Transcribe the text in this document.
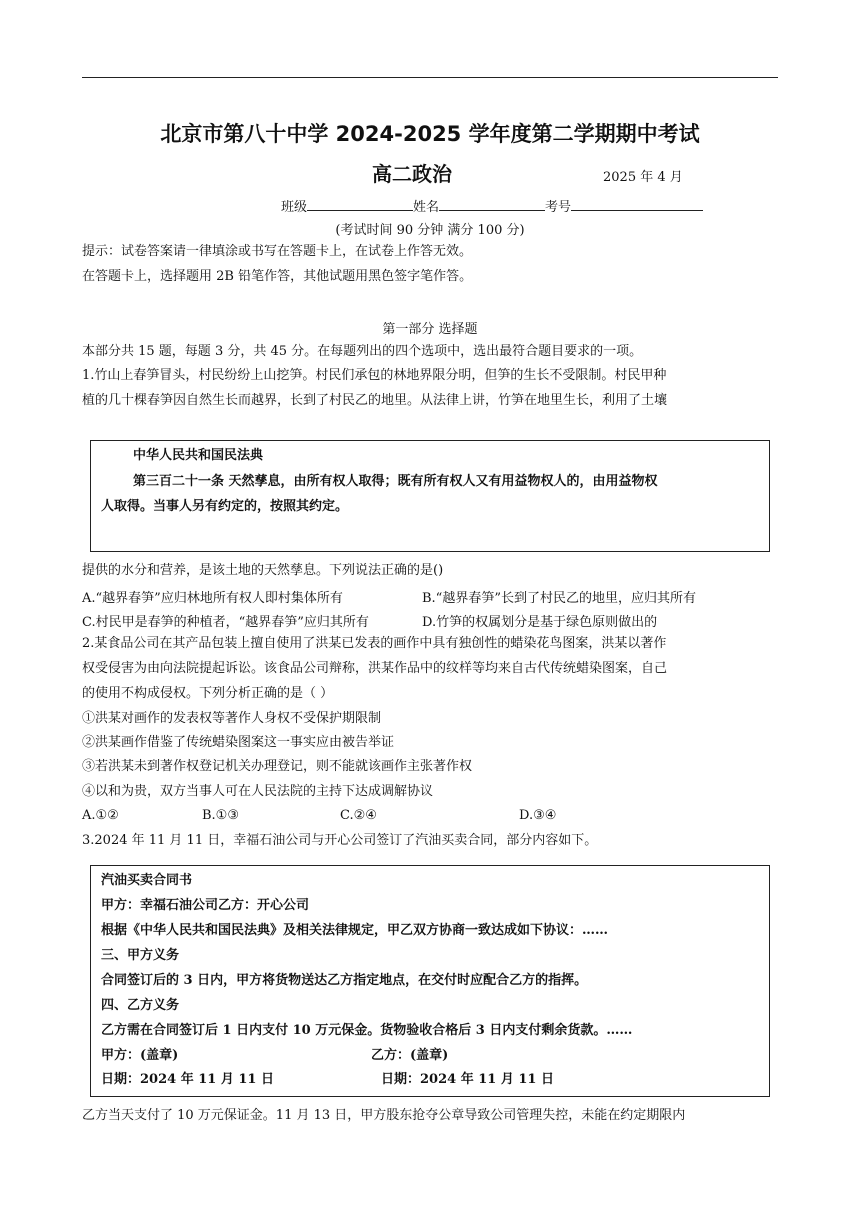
北京市第八十中学 2024-2025 学年度第二学期期中考试
高二政治	2025 年 4 月
班级	姓名	考号
(考试时间 90 分钟 满分 100 分)
提示：试卷答案请一律填涂或书写在答题卡上，在试卷上作答无效。
在答题卡上，选择题用 2B 铅笔作答，其他试题用黑色签字笔作答。
第一部分 选择题
本部分共 15 题，每题 3 分，共 45 分。在每题列出的四个选项中，选出最符合题目要求的一项。
1.竹山上春笋冒头，村民纷纷上山挖笋。村民们承包的林地界限分明，但笋的生长不受限制。村民甲种
植的几十棵春笋因自然生长而越界，长到了村民乙的地里。从法律上讲，竹笋在地里生长，利用了土壤
中华人民共和国民法典
第三百二十一条 天然孳息，由所有权人取得；既有所有权人又有用益物权人的，由用益物权
人取得。当事人另有约定的，按照其约定。
提供的水分和营养，是该土地的天然孳息。下列说法正确的是()
A.“越界春笋”应归林地所有权人即村集体所有	B.“越界春笋”长到了村民乙的地里，应归其所有
C.村民甲是春笋的种植者，“越界春笋”应归其所有	D.竹笋的权属划分是基于绿色原则做出的
2.某食品公司在其产品包装上擅自使用了洪某已发表的画作中具有独创性的蜡染花鸟图案，洪某以著作
权受侵害为由向法院提起诉讼。该食品公司辩称，洪某作品中的纹样等均来自古代传统蜡染图案，自己
的使用不构成侵权。下列分析正确的是（ ）
①洪某对画作的发表权等著作人身权不受保护期限制
②洪某画作借鉴了传统蜡染图案这一事实应由被告举证
③若洪某未到著作权登记机关办理登记，则不能就该画作主张著作权
④以和为贵，双方当事人可在人民法院的主持下达成调解协议
A.①②	B.①③	C.②④	D.③④
3.2024 年 11 月 11 日，幸福石油公司与开心公司签订了汽油买卖合同，部分内容如下。
汽油买卖合同书
甲方：幸福石油公司乙方：开心公司
根据《中华人民共和国民法典》及相关法律规定，甲乙双方协商一致达成如下协议：……
三、甲方义务
合同签订后的 3 日内，甲方将货物送达乙方指定地点，在交付时应配合乙方的指挥。
四、乙方义务
乙方需在合同签订后 1 日内支付 10 万元保金。货物验收合格后 3 日内支付剩余货款。……
甲方：(盖章)	乙方：(盖章)
日期：2024 年 11 月 11 日	日期：2024 年 11 月 11 日
乙方当天支付了 10 万元保证金。11 月 13 日，甲方股东抢夺公章导致公司管理失控，未能在约定期限内
